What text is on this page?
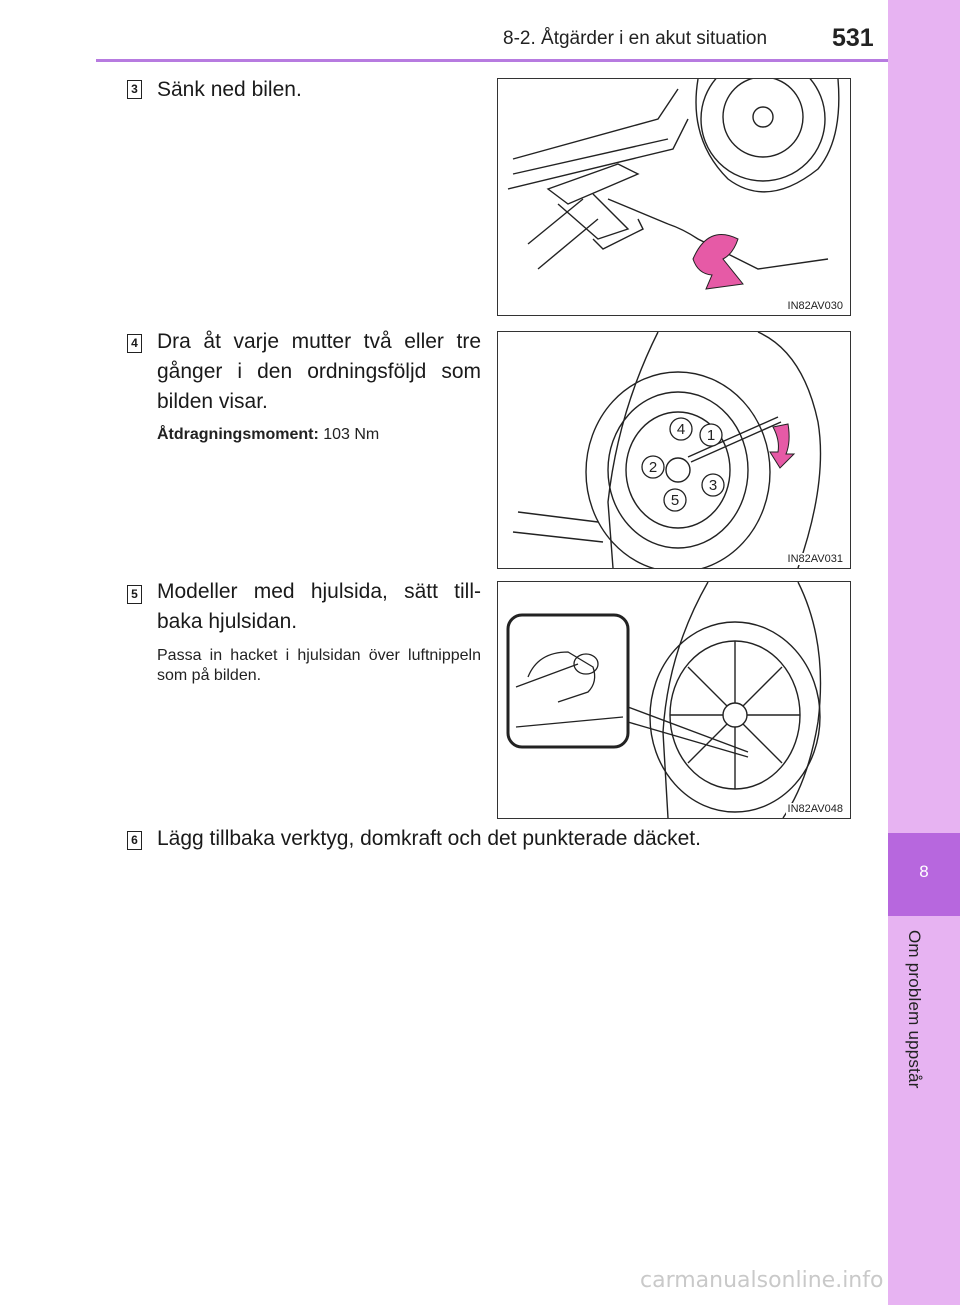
8-2. Åtgärder i en akut situation	531
8
Om problem uppstår
3 Sänk ned bilen.
IN82AV030
4 Dra åt varje mutter två eller tre gånger i den ordningsföljd som bilden visar.
Åtdragningsmoment: 103 Nm	1
2
3
4
5
IN82AV031
5 Modeller med hjulsida, sätt till-baka hjulsidan.
Passa in hacket i hjulsidan över luftnippeln som på bilden.
IN82AV048
6 Lägg tillbaka verktyg, domkraft och det punkterade däcket.
carmanualsonline.info
